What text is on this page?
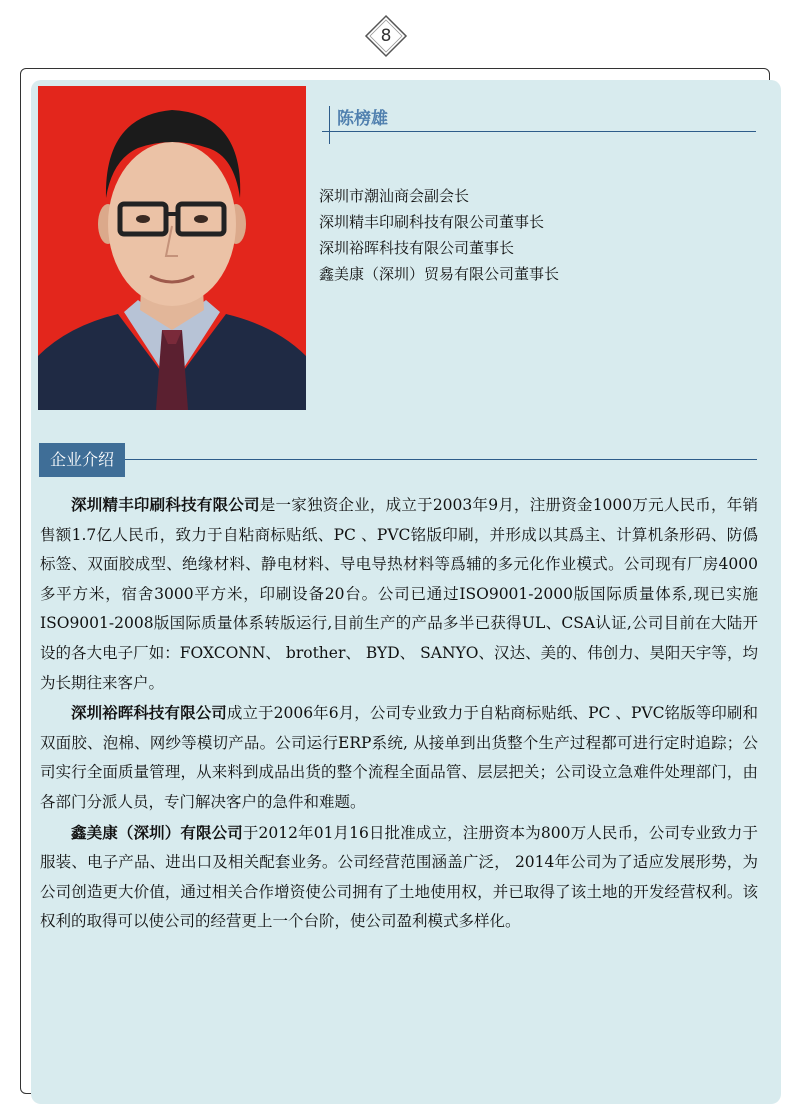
8
陈榜雄
深圳市潮汕商会副会长
深圳精丰印刷科技有限公司董事长
深圳裕晖科技有限公司董事长
鑫美康（深圳）贸易有限公司董事长
企业介绍

深圳精丰印刷科技有限公司是一家独资企业，成立于2003年9月，注册资金1000万元人民币，年销售额1.7亿人民币，致力于自粘商标贴纸、PC 、PVC铭版印刷，并形成以其爲主、计算机条形码、防僞标签、双面胶成型、绝缘材料、静电材料、导电导热材料等爲辅的多元化作业模式。公司现有厂房4000多平方米，宿舍3000平方米，印刷设备20台。公司已通过ISO9001-2000版国际质量体系,现已实施ISO9001-2008版国际质量体系转版运行,目前生产的产品多半已获得UL、CSA认证,公司目前在大陆开设的各大电子厂如：FOXCONN、 brother、 BYD、 SANYO、汉达、美的、伟创力、昊阳天宇等，均为长期往来客户。

深圳裕晖科技有限公司成立于2006年6月，公司专业致力于自粘商标贴纸、PC 、PVC铭版等印刷和双面胶、泡棉、网纱等模切产品。公司运行ERP系统, 从接单到出货整个生产过程都可进行定时追踪；公司实行全面质量管理，从来料到成品出货的整个流程全面品管、层层把关；公司设立急难件处理部门，由各部门分派人员，专门解决客户的急件和难题。

鑫美康（深圳）有限公司于2012年01月16日批准成立，注册资本为800万人民币，公司专业致力于服装、电子产品、进出口及相关配套业务。公司经营范围涵盖广泛， 2014年公司为了适应发展形势，为公司创造更大价值，通过相关合作增资使公司拥有了土地使用权，并已取得了该土地的开发经营权利。该权利的取得可以使公司的经营更上一个台阶，使公司盈利模式多样化。
